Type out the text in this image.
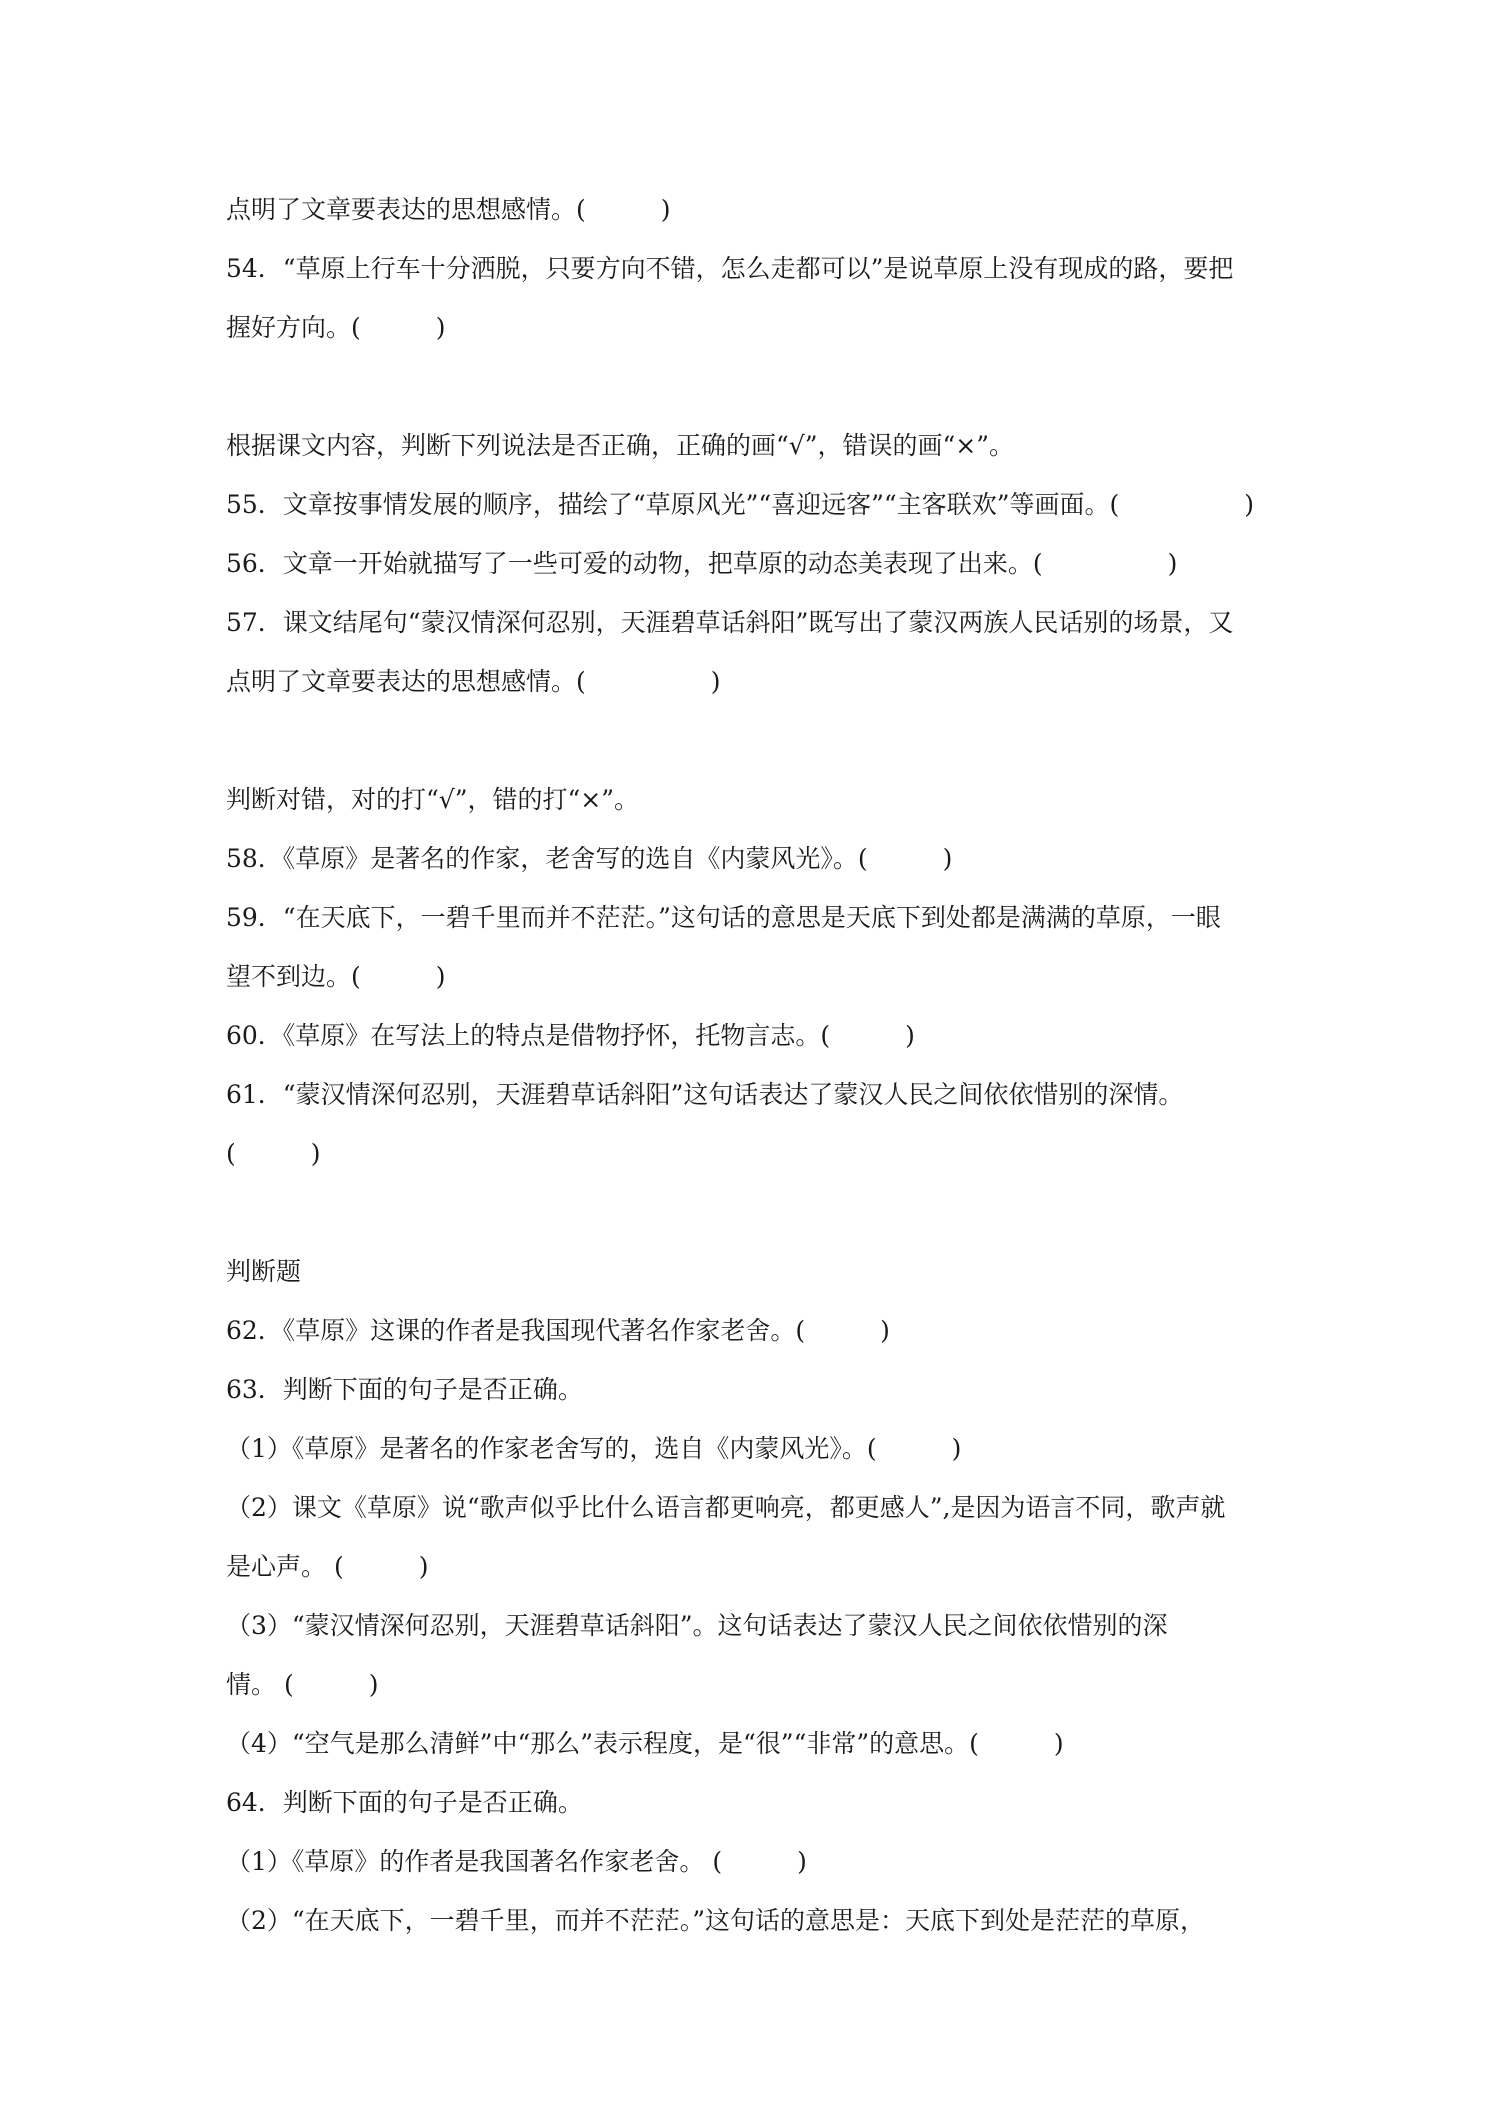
点明了文章要表达的思想感情。(　　　)
54．“草原上行车十分洒脱，只要方向不错，怎么走都可以”是说草原上没有现成的路，要把
握好方向。(　　　)
根据课文内容，判断下列说法是否正确，正确的画“√”，错误的画“×”。
55．文章按事情发展的顺序，描绘了“草原风光”“喜迎远客”“主客联欢”等画面。(　　　　　)
56．文章一开始就描写了一些可爱的动物，把草原的动态美表现了出来。(　　　　　)
57．课文结尾句“蒙汉情深何忍别，天涯碧草话斜阳”既写出了蒙汉两族人民话别的场景，又
点明了文章要表达的思想感情。(　　　　　)
判断对错，对的打“√”，错的打“×”。
58．《草原》是著名的作家，老舍写的选自《内蒙风光》。(　　　)
59．“在天底下，一碧千里而并不茫茫。”这句话的意思是天底下到处都是满满的草原，一眼
望不到边。(　　　)
60．《草原》在写法上的特点是借物抒怀，托物言志。(　　　)
61．“蒙汉情深何忍别，天涯碧草话斜阳”这句话表达了蒙汉人民之间依依惜别的深情。
(　　　)
判断题
62．《草原》这课的作者是我国现代著名作家老舍。(　　　)
63．判断下面的句子是否正确。
（1）《草原》是著名的作家老舍写的，选自《内蒙风光》。(　　　)
（2）课文《草原》说“歌声似乎比什么语言都更响亮，都更感人”,是因为语言不同，歌声就
是心声。 (　　　)
（3）“蒙汉情深何忍别，天涯碧草话斜阳”。这句话表达了蒙汉人民之间依依惜别的深
情。 (　　　)
（4）“空气是那么清鲜”中“那么”表示程度，是“很”“非常”的意思。(　　　)
64．判断下面的句子是否正确。
（1）《草原》的作者是我国著名作家老舍。 (　　　)
（2）“在天底下，一碧千里，而并不茫茫。”这句话的意思是：天底下到处是茫茫的草原，
